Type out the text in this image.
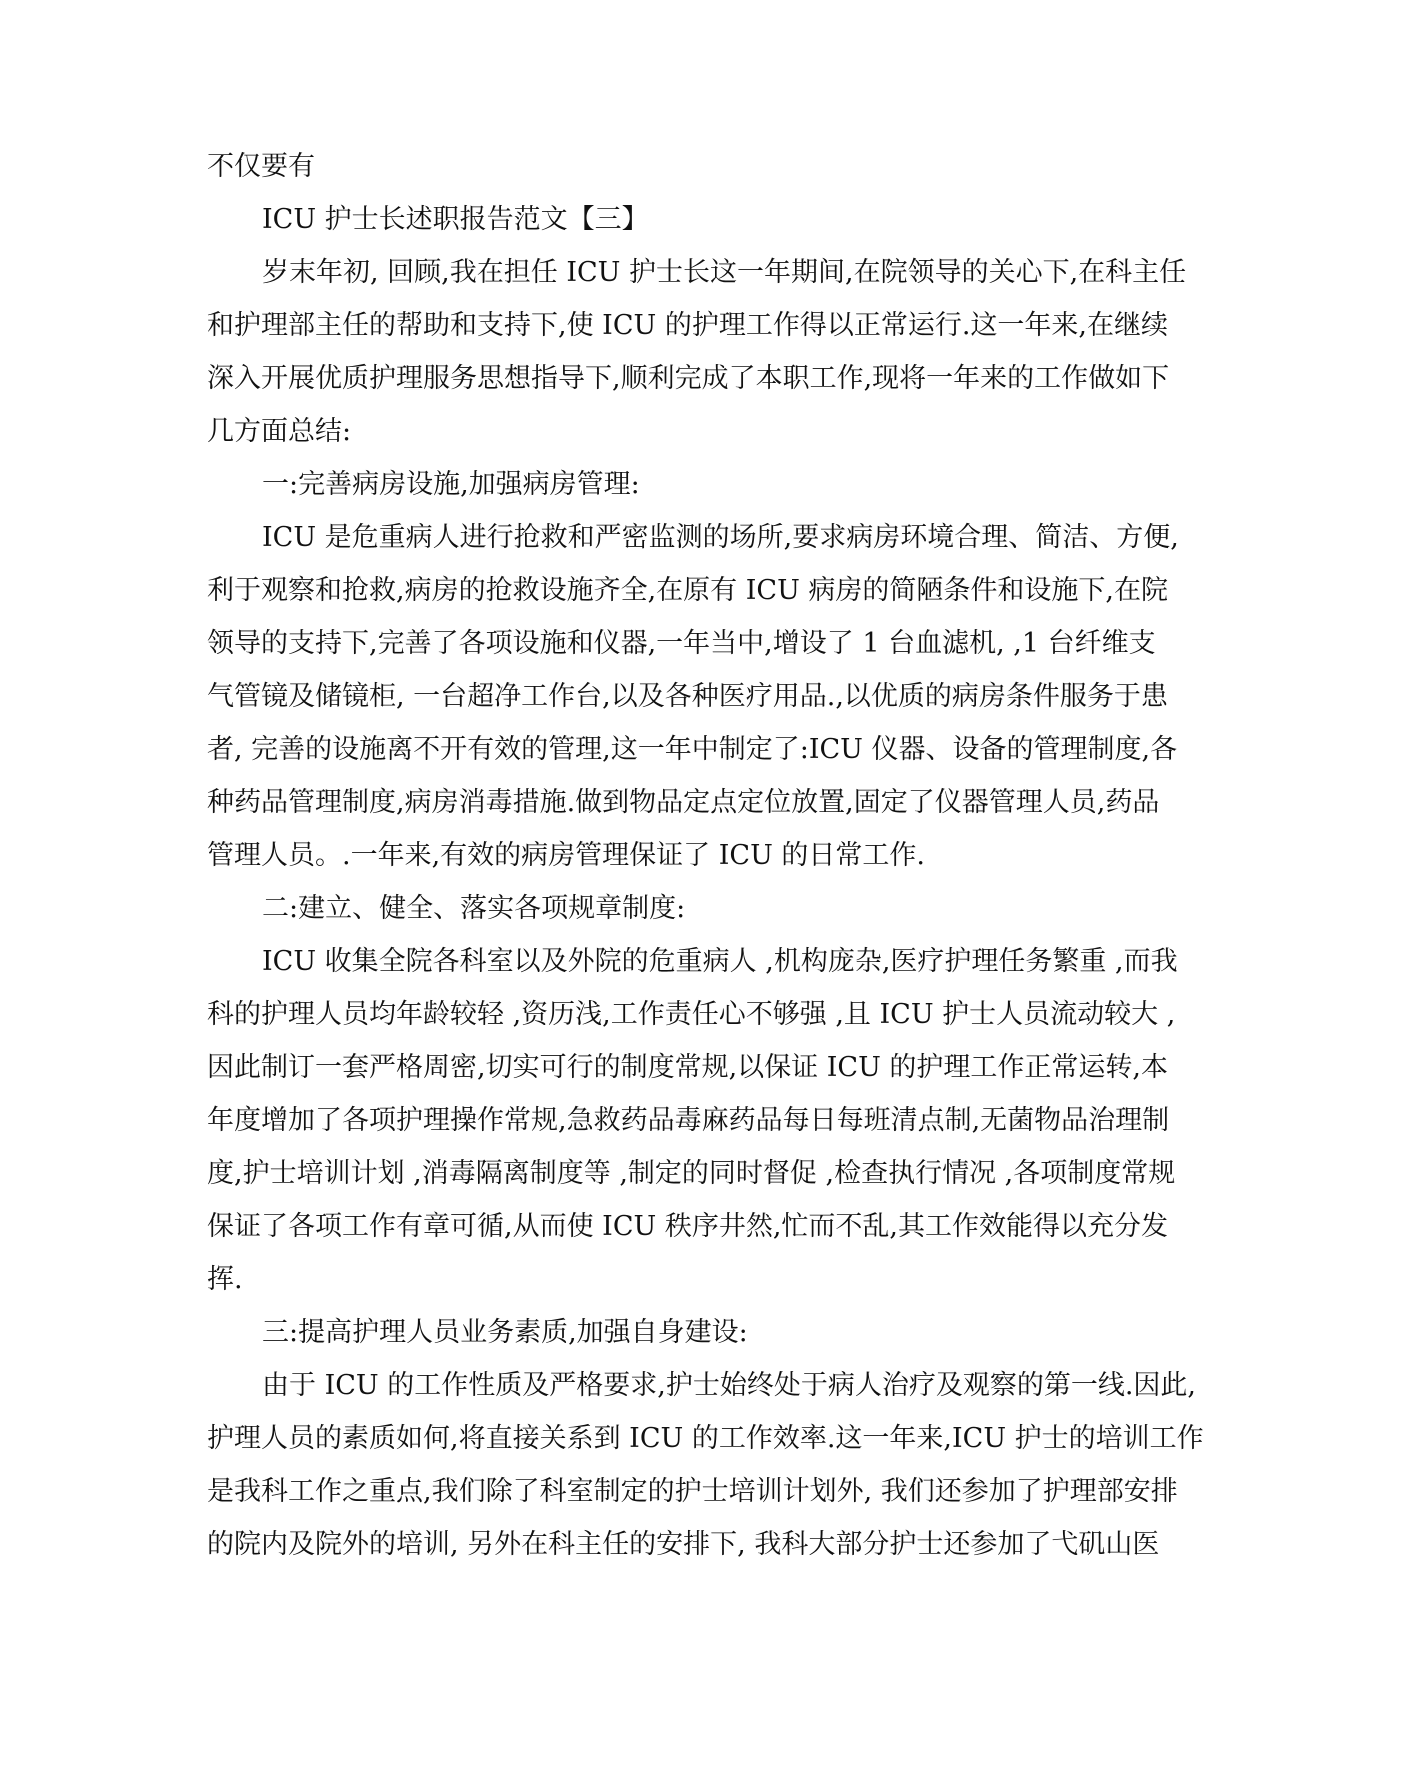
不仅要有
ICU 护士长述职报告范文【三】
岁末年初, 回顾,我在担任 ICU 护士长这一年期间,在院领导的关心下,在科主任
和护理部主任的帮助和支持下,使 ICU 的护理工作得以正常运行.这一年来,在继续
深入开展优质护理服务思想指导下,顺利完成了本职工作,现将一年来的工作做如下
几方面总结:
一:完善病房设施,加强病房管理:
ICU 是危重病人进行抢救和严密监测的场所,要求病房环境合理、简洁、方便,
利于观察和抢救,病房的抢救设施齐全,在原有 ICU 病房的简陋条件和设施下,在院
领导的支持下,完善了各项设施和仪器,一年当中,增设了 1 台血滤机, ,1 台纤维支
气管镜及储镜柜, 一台超净工作台,以及各种医疗用品.,以优质的病房条件服务于患
者, 完善的设施离不开有效的管理,这一年中制定了:ICU 仪器、设备的管理制度,各
种药品管理制度,病房消毒措施.做到物品定点定位放置,固定了仪器管理人员,药品
管理人员。.一年来,有效的病房管理保证了 ICU 的日常工作.
二:建立、健全、落实各项规章制度:
ICU 收集全院各科室以及外院的危重病人 ,机构庞杂,医疗护理任务繁重 ,而我
科的护理人员均年龄较轻 ,资历浅,工作责任心不够强 ,且 ICU 护士人员流动较大 ,
因此制订一套严格周密,切实可行的制度常规,以保证 ICU 的护理工作正常运转,本
年度增加了各项护理操作常规,急救药品毒麻药品每日每班清点制,无菌物品治理制
度,护士培训计划 ,消毒隔离制度等 ,制定的同时督促 ,检查执行情况 ,各项制度常规
保证了各项工作有章可循,从而使 ICU 秩序井然,忙而不乱,其工作效能得以充分发
挥.
三:提高护理人员业务素质,加强自身建设:
由于 ICU 的工作性质及严格要求,护士始终处于病人治疗及观察的第一线.因此,
护理人员的素质如何,将直接关系到 ICU 的工作效率.这一年来,ICU 护士的培训工作
是我科工作之重点,我们除了科室制定的护士培训计划外, 我们还参加了护理部安排
的院内及院外的培训, 另外在科主任的安排下, 我科大部分护士还参加了弋矶山医
